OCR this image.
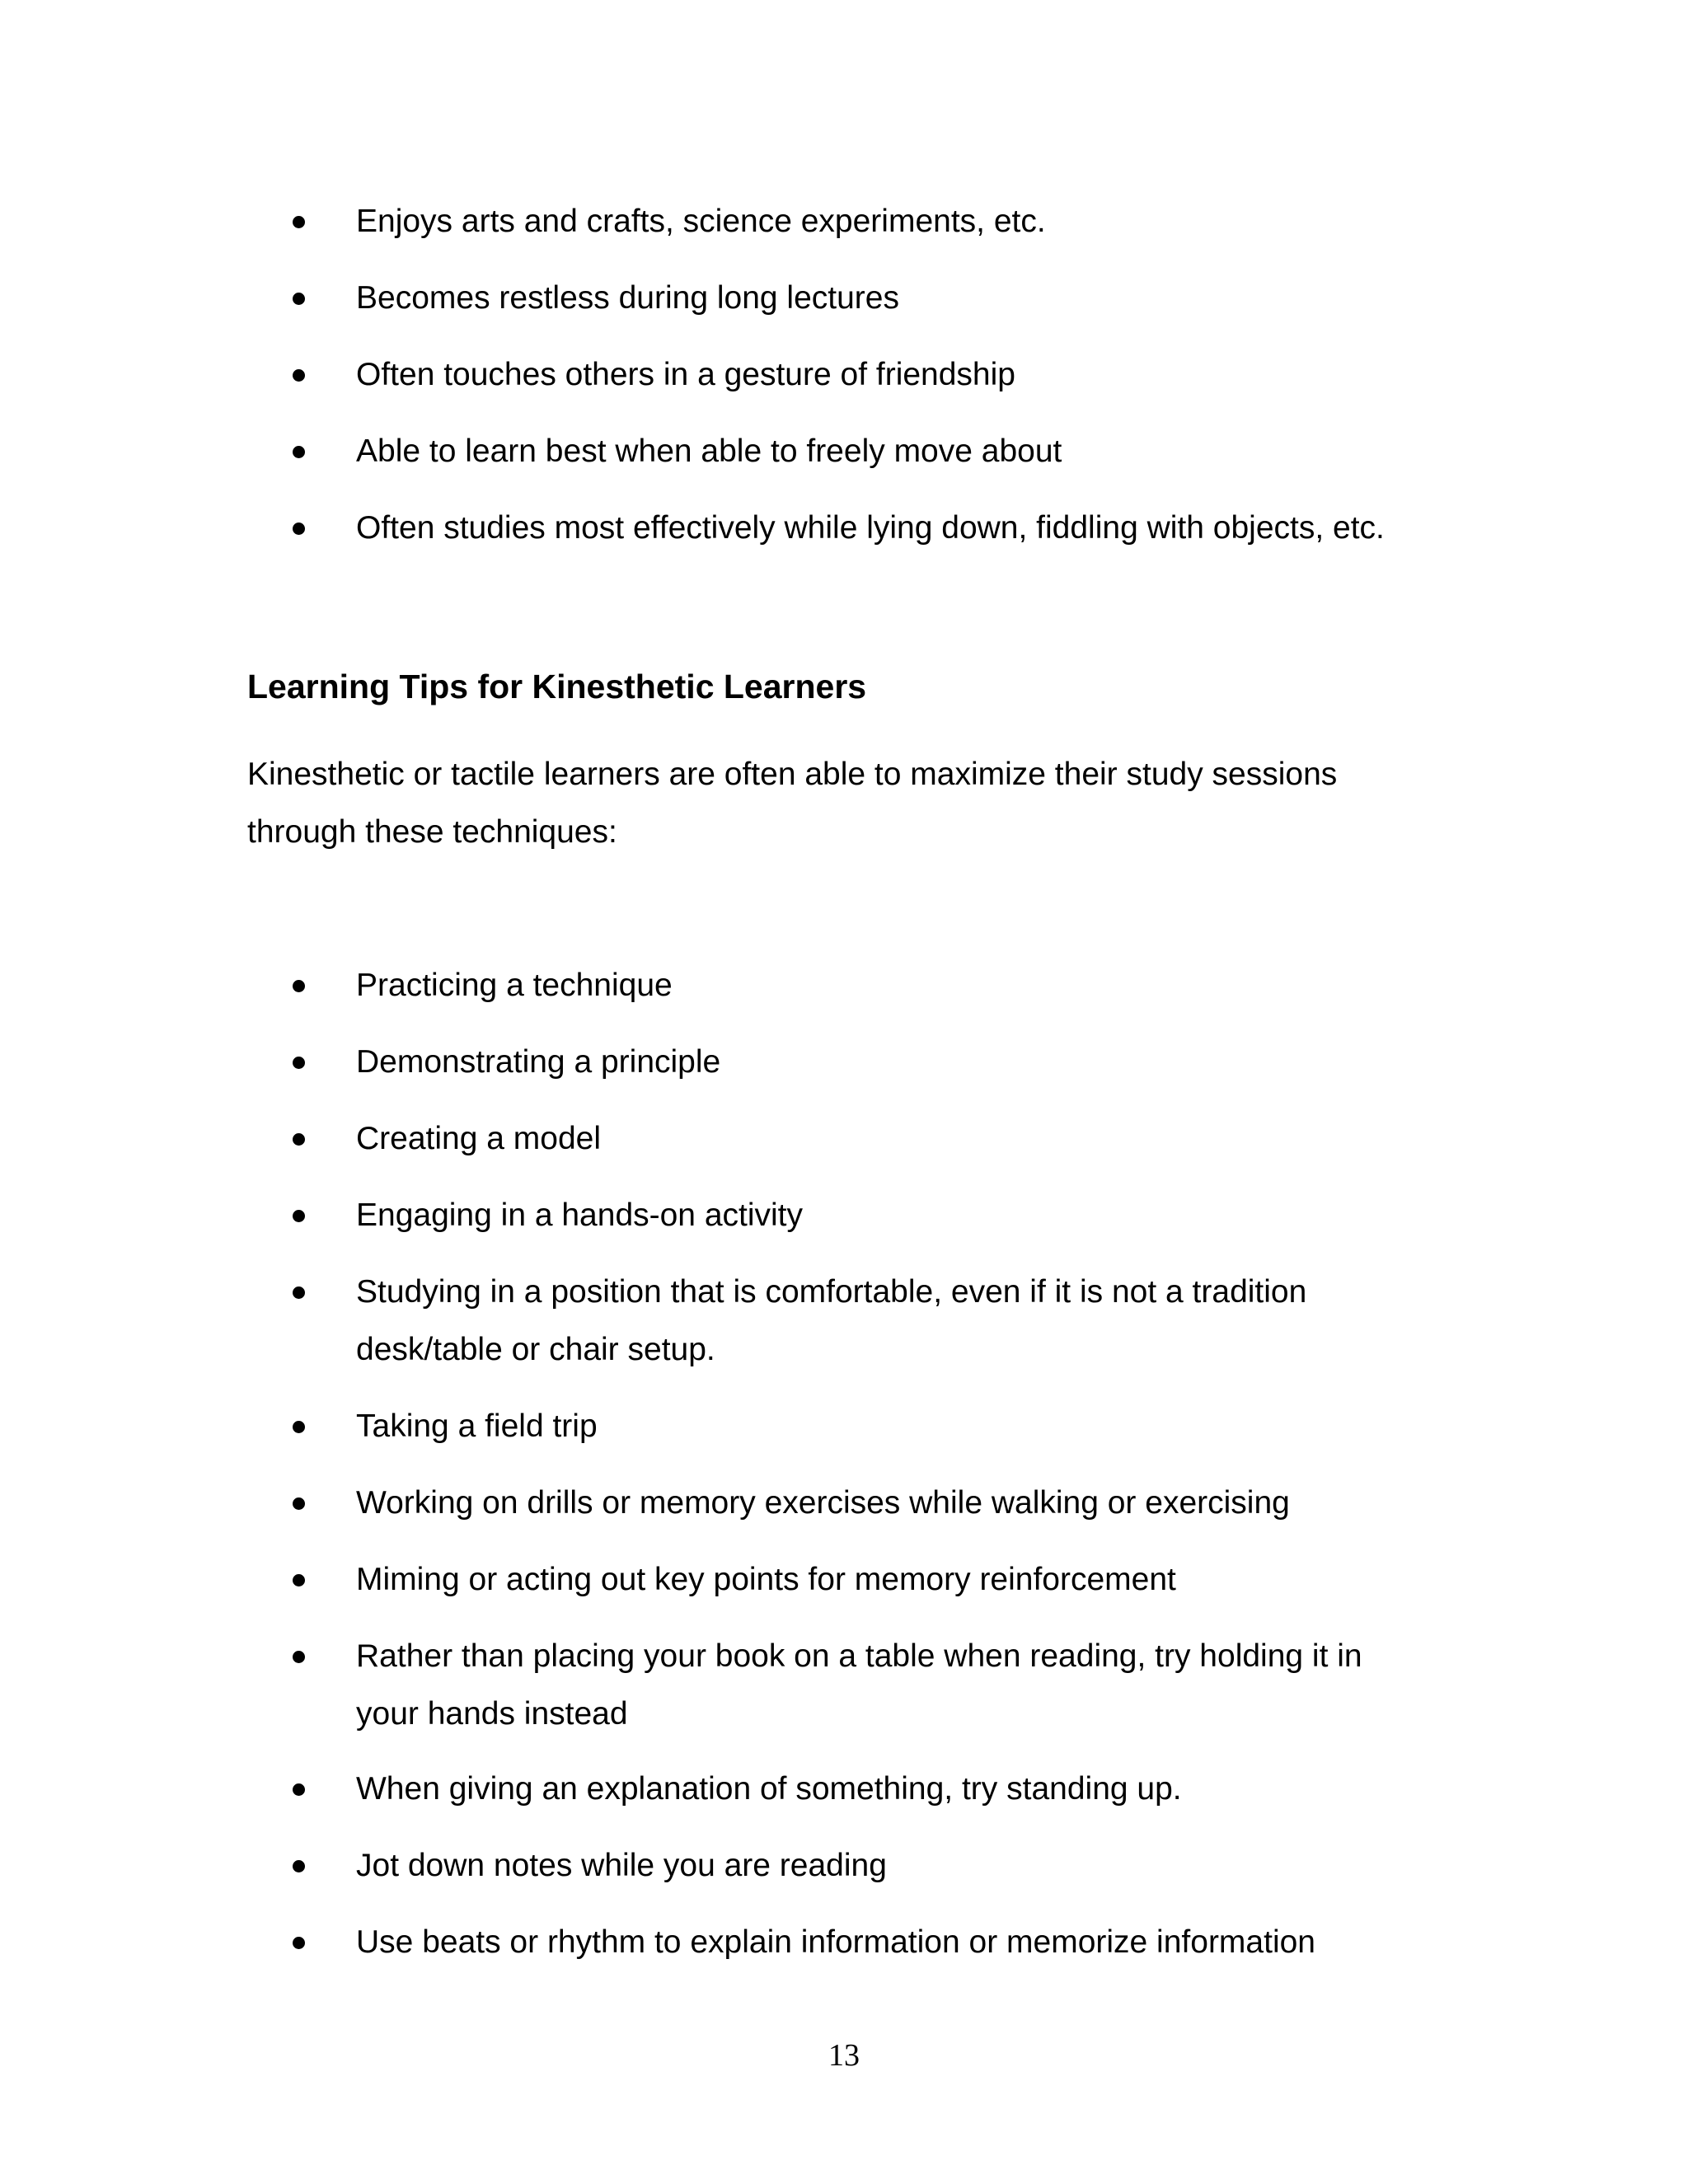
Enjoys arts and crafts, science experiments, etc.
Becomes restless during long lectures
Often touches others in a gesture of friendship
Able to learn best when able to freely move about
Often studies most effectively while lying down, fiddling with objects, etc.
Learning Tips for Kinesthetic Learners

Kinesthetic or tactile learners are often able to maximize their study sessions
through these techniques:

Practicing a technique
Demonstrating a principle
Creating a model
Engaging in a hands-on activity
Studying in a position that is comfortable, even if it is not a tradition
desk/table or chair setup.
Taking a field trip
Working on drills or memory exercises while walking or exercising
Miming or acting out key points for memory reinforcement
Rather than placing your book on a table when reading, try holding it in
your hands instead
When giving an explanation of something, try standing up.
Jot down notes while you are reading
Use beats or rhythm to explain information or memorize information
13
